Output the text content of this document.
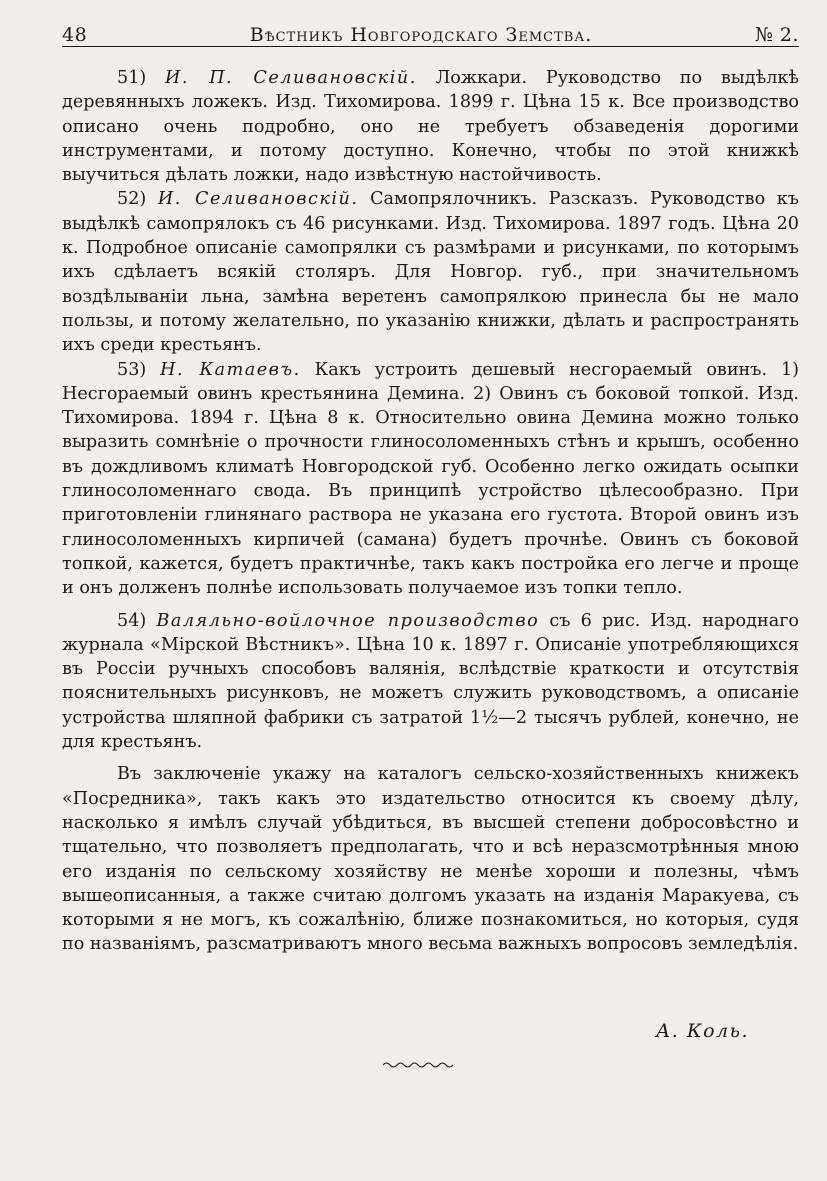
48	Вѣстникъ Новгородскаго Земства.	№ 2.

51) И. П. Селивановскій. Ложкари. Руководство по выдѣлкѣ деревянныхъ ложекъ. Изд. Тихомирова. 1899 г. Цѣна 15 к. Все производство описано очень подробно, оно не требуетъ обзаведенія дорогими инструментами, и потому доступно. Конечно, чтобы по этой книжкѣ выучиться дѣлать ложки, надо извѣстную настойчивость.

52) И. Селивановскій. Самопрялочникъ. Разсказъ. Руководство къ выдѣлкѣ самопрялокъ съ 46 рисунками. Изд. Тихомирова. 1897 годъ. Цѣна 20 к. Подробное описаніе самопрялки съ размѣрами и рисунками, по которымъ ихъ сдѣлаетъ всякій столяръ. Для Новгор. губ., при значительномъ воздѣлываніи льна, замѣна веретенъ самопрялкою принесла бы не мало пользы, и потому желательно, по указанію книжки, дѣлать и распространять ихъ среди крестьянъ.

53) Н. Катаевъ. Какъ устроить дешевый несгораемый овинъ. 1) Несгораемый овинъ крестьянина Демина. 2) Овинъ съ боковой топкой. Изд. Тихомирова. 1894 г. Цѣна 8 к. Относительно овина Демина можно только выразить сомнѣніе о прочности глиносоломенныхъ стѣнъ и крышъ, особенно въ дождливомъ климатѣ Новгородской губ. Особенно легко ожидать осыпки глиносоломеннаго свода. Въ принципѣ устройство цѣлесообразно. При приготовленіи глинянаго раствора не указана его густота. Второй овинъ изъ глиносоломенныхъ кирпичей (самана) будетъ прочнѣе. Овинъ съ боковой топкой, кажется, будетъ практичнѣе, такъ какъ постройка его легче и проще и онъ долженъ полнѣе использовать получаемое изъ топки тепло.

54) Валяльно-войлочное производство съ 6 рис. Изд. народнаго журнала «Мірской Вѣстникъ». Цѣна 10 к. 1897 г. Описаніе употребляющихся въ Россіи ручныхъ способовъ валянія, вслѣдствіе краткости и отсутствія пояснительныхъ рисунковъ, не можетъ служить руководствомъ, а описаніе устройства шляпной фабрики съ затратой 1½—2 тысячъ рублей, конечно, не для крестьянъ.

Въ заключеніе укажу на каталогъ сельско-хозяйственныхъ книжекъ «Посредника», такъ какъ это издательство относится къ своему дѣлу, насколько я имѣлъ случай убѣдиться, въ высшей степени добросовѣстно и тщательно, что позволяетъ предполагать, что и всѣ неразсмотрѣнныя мною его изданія по сельскому хозяйству не менѣе хороши и полезны, чѣмъ вышеописанныя, а также считаю долгомъ указать на изданія Маракуева, съ которыми я не могъ, къ сожалѣнію, ближе познакомиться, но которыя, судя по названіямъ, разсматриваютъ много весьма важныхъ вопросовъ земледѣлія.

А. Коль.
